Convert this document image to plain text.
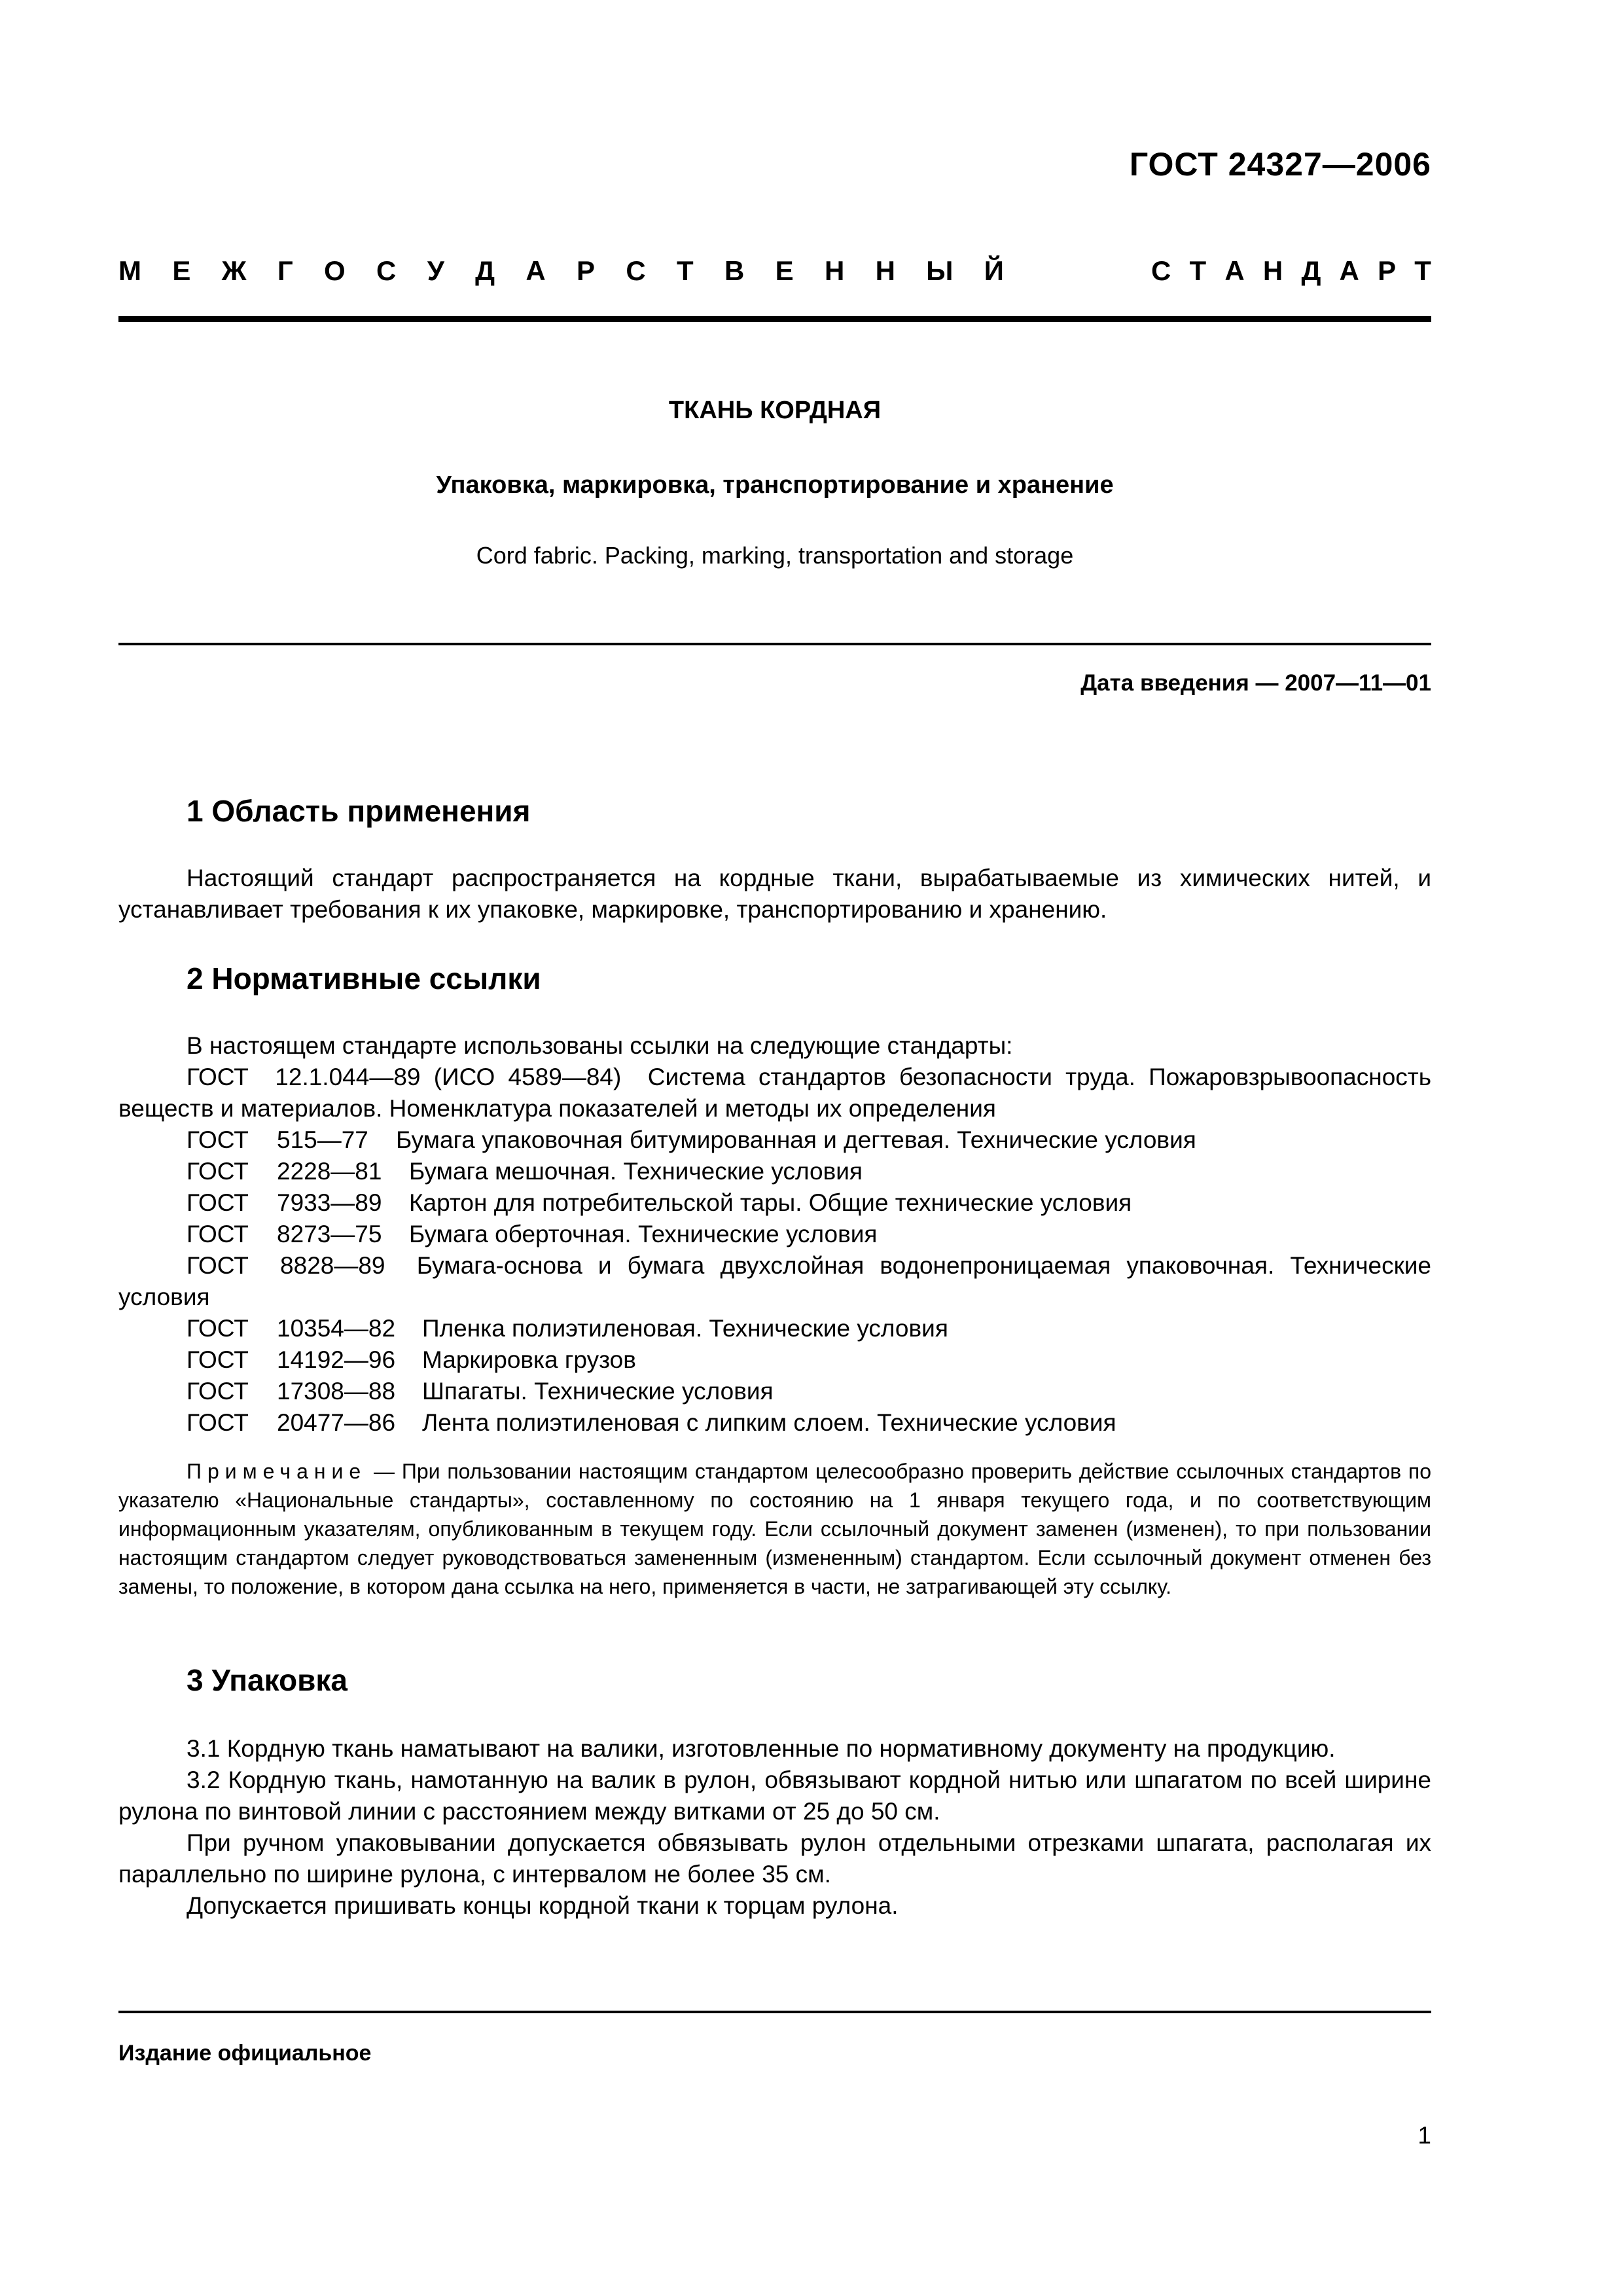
ГОСТ 24327—2006
М Е Ж Г О С У Д А Р С Т В Е Н Н Ы Й	С Т А Н Д А Р Т
ТКАНЬ КОРДНАЯ
Упаковка, маркировка, транспортирование и хранение
Cord fabric. Packing, marking, transportation and storage
Дата введения — 2007—11—01
1 Область применения

Настоящий стандарт распространяется на кордные ткани, вырабатываемые из химических нитей, и устанавливает требования к их упаковке, маркировке, транспортированию и хранению.

2 Нормативные ссылки

В настоящем стандарте использованы ссылки на следующие стандарты:

ГОСТ 12.1.044—89 (ИСО 4589—84) Система стандартов безопасности труда. Пожаровзрывоопасность веществ и материалов. Номенклатура показателей и методы их определения

ГОСТ	515—77 Бумага упаковочная битумированная и дегтевая. Технические условия
ГОСТ	2228—81 Бумага мешочная. Технические условия
ГОСТ	7933—89 Картон для потребительской тары. Общие технические условия
ГОСТ	8273—75 Бумага оберточная. Технические условия

ГОСТ 8828—89 Бумага-основа и бумага двухслойная водонепроницаемая упаковочная. Технические условия

ГОСТ	10354—82 Пленка полиэтиленовая. Технические условия
ГОСТ	14192—96 Маркировка грузов
ГОСТ	17308—88 Шпагаты. Технические условия
ГОСТ	20477—86 Лента полиэтиленовая с липким слоем. Технические условия

Примечание — При пользовании настоящим стандартом целесообразно проверить действие ссылочных стандартов по указателю «Национальные стандарты», составленному по состоянию на 1 января текущего года, и по соответствующим информационным указателям, опубликованным в текущем году. Если ссылочный документ заменен (изменен), то при пользовании настоящим стандартом следует руководствоваться замененным (измененным) стандартом. Если ссылочный документ отменен без замены, то положение, в котором дана ссылка на него, применяется в части, не затрагивающей эту ссылку.

3 Упаковка

3.1 Кордную ткань наматывают на валики, изготовленные по нормативному документу на продукцию.

3.2 Кордную ткань, намотанную на валик в рулон, обвязывают кордной нитью или шпагатом по всей ширине рулона по винтовой линии с расстоянием между витками от 25 до 50 см.

При ручном упаковывании допускается обвязывать рулон отдельными отрезками шпагата, располагая их параллельно по ширине рулона, с интервалом не более 35 см.

Допускается пришивать концы кордной ткани к торцам рулона.

Издание официальное
1
